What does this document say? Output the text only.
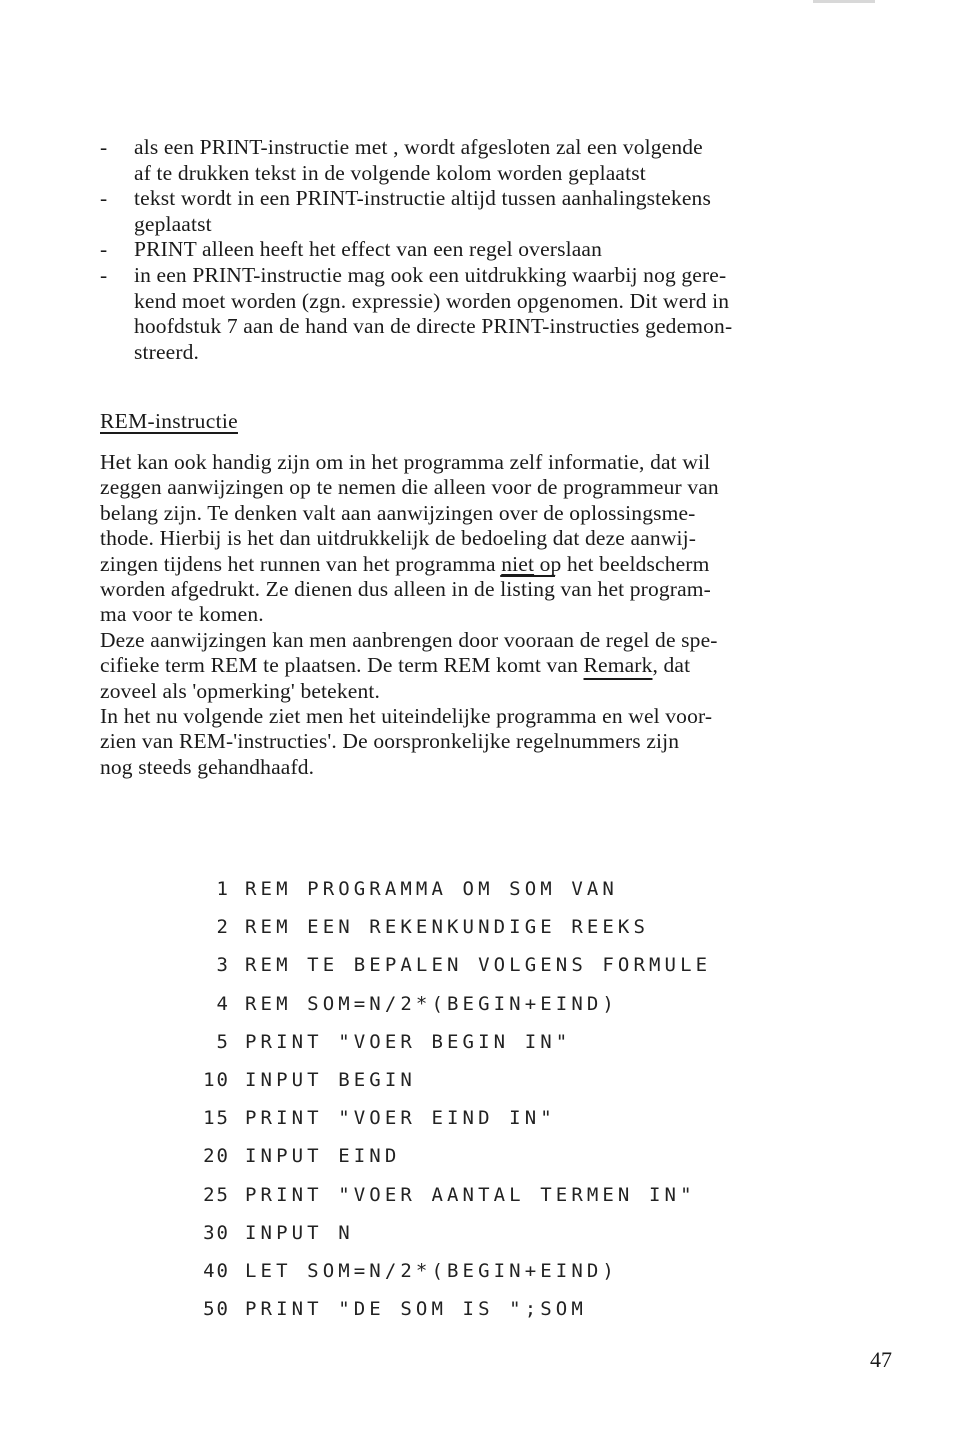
-	als een PRINT-instructie met , wordt afgesloten zal een volgende
af te drukken tekst in de volgende kolom worden geplaatst
-	tekst wordt in een PRINT-instructie altijd tussen aanhalingstekens
geplaatst
-	PRINT alleen heeft het effect van een regel overslaan
-	in een PRINT-instructie mag ook een uitdrukking waarbij nog gere-
kend moet worden (zgn. expressie) worden opgenomen. Dit werd in
hoofdstuk 7 aan de hand van de directe PRINT-instructies gedemon-
streerd.
REM-instructie
Het kan ook handig zijn om in het programma zelf informatie, dat wil
zeggen aanwijzingen op te nemen die alleen voor de programmeur van
belang zijn. Te denken valt aan aanwijzingen over de oplossingsme-
thode. Hierbij is het dan uitdrukkelijk de bedoeling dat deze aanwij-
zingen tijdens het runnen van het programma niet op het beeldscherm
worden afgedrukt. Ze dienen dus alleen in de listing van het program-
ma voor te komen.
Deze aanwijzingen kan men aanbrengen door vooraan de regel de spe-
cifieke term REM te plaatsen. De term REM komt van Remark, dat
zoveel als 'opmerking' betekent.
In het nu volgende ziet men het uiteindelijke programma en wel voor-
zien van REM-'instructies'. De oorspronkelijke regelnummers zijn
nog steeds gehandhaafd.
1 REM PROGRAMMA OM SOM VAN
2 REM EEN REKENKUNDIGE REEKS
3 REM TE BEPALEN VOLGENS FORMULE
4 REM SOM=N/2*(BEGIN+EIND)
5 PRINT "VOER BEGIN IN"
10 INPUT BEGIN
15 PRINT "VOER EIND IN"
20 INPUT EIND
25 PRINT "VOER AANTAL TERMEN IN"
30 INPUT N
40 LET SOM=N/2*(BEGIN+EIND)
50 PRINT "DE SOM IS ";SOM
47
